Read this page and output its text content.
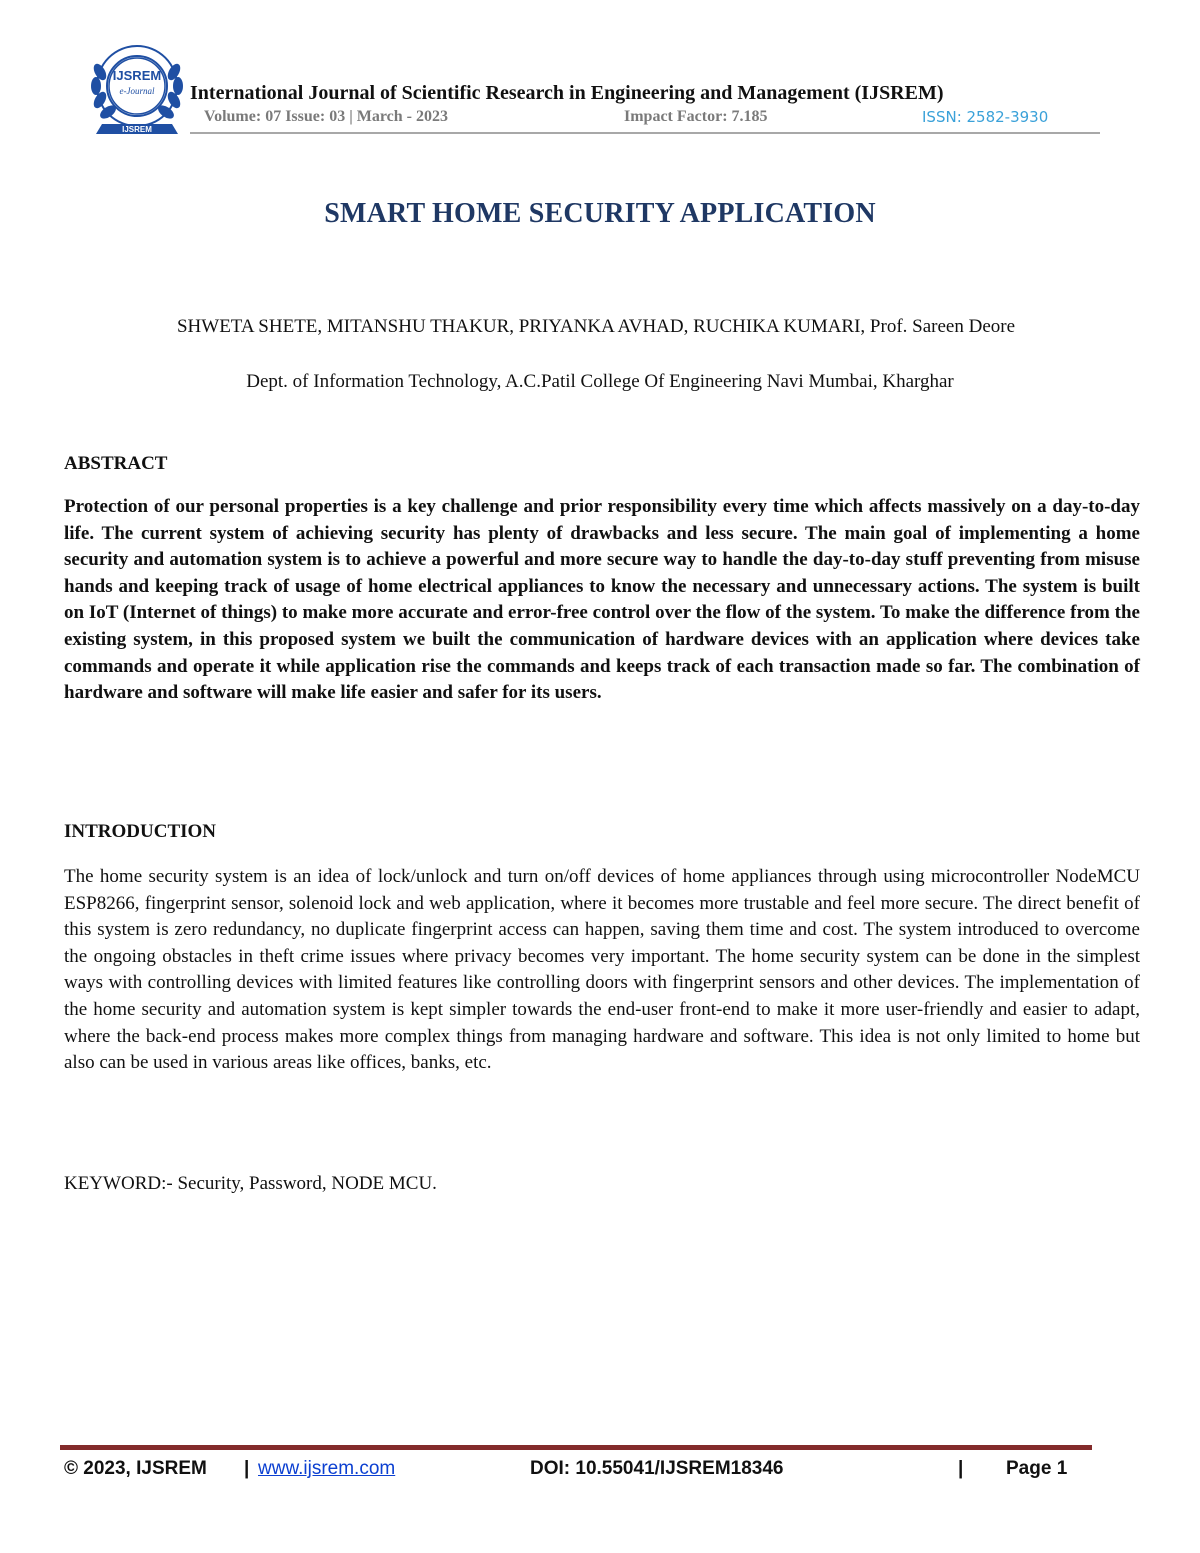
IJSREM
e-Journal
IJSREM
International Journal of Scientific Research in Engineering and Management (IJSREM)
Volume: 07 Issue: 03 | March - 2023	Impact Factor: 7.185	ISSN: 2582-3930
SMART HOME SECURITY APPLICATION
SHWETA SHETE, MITANSHU THAKUR, PRIYANKA AVHAD, RUCHIKA KUMARI, Prof. Sareen Deore
Dept. of Information Technology, A.C.Patil College Of Engineering Navi Mumbai, Kharghar
ABSTRACT

Protection of our personal properties is a key challenge and prior responsibility every time which affects massively on a day-to-day life. The current system of achieving security has plenty of drawbacks and less secure. The main goal of implementing a home security and automation system is to achieve a powerful and more secure way to handle the day-to-day stuff preventing from misuse hands and keeping track of usage of home electrical appliances to know the necessary and unnecessary actions. The system is built on IoT (Internet of things) to make more accurate and error-free control over the flow of the system. To make the difference from the existing system, in this proposed system we built the communication of hardware devices with an application where devices take commands and operate it while application rise the commands and keeps track of each transaction made so far. The combination of hardware and software will make life easier and safer for its users.

INTRODUCTION

The home security system is an idea of lock/unlock and turn on/off devices of home appliances through using microcontroller NodeMCU ESP8266, fingerprint sensor, solenoid lock and web application, where it becomes more trustable and feel more secure. The direct benefit of this system is zero redundancy, no duplicate fingerprint access can happen, saving them time and cost. The system introduced to overcome the ongoing obstacles in theft crime issues where privacy becomes very important. The home security system can be done in the simplest ways with controlling devices with limited features like controlling doors with fingerprint sensors and other devices. The implementation of the home security and automation system is kept simpler towards the end-user front-end to make it more user-friendly and easier to adapt, where the back-end process makes more complex things from managing hardware and software. This idea is not only limited to home but also can be used in various areas like offices, banks, etc.

KEYWORD:- Security, Password, NODE MCU.
© 2023, IJSREM | www.ijsrem.com	DOI: 10.55041/IJSREM18346	| Page 1
